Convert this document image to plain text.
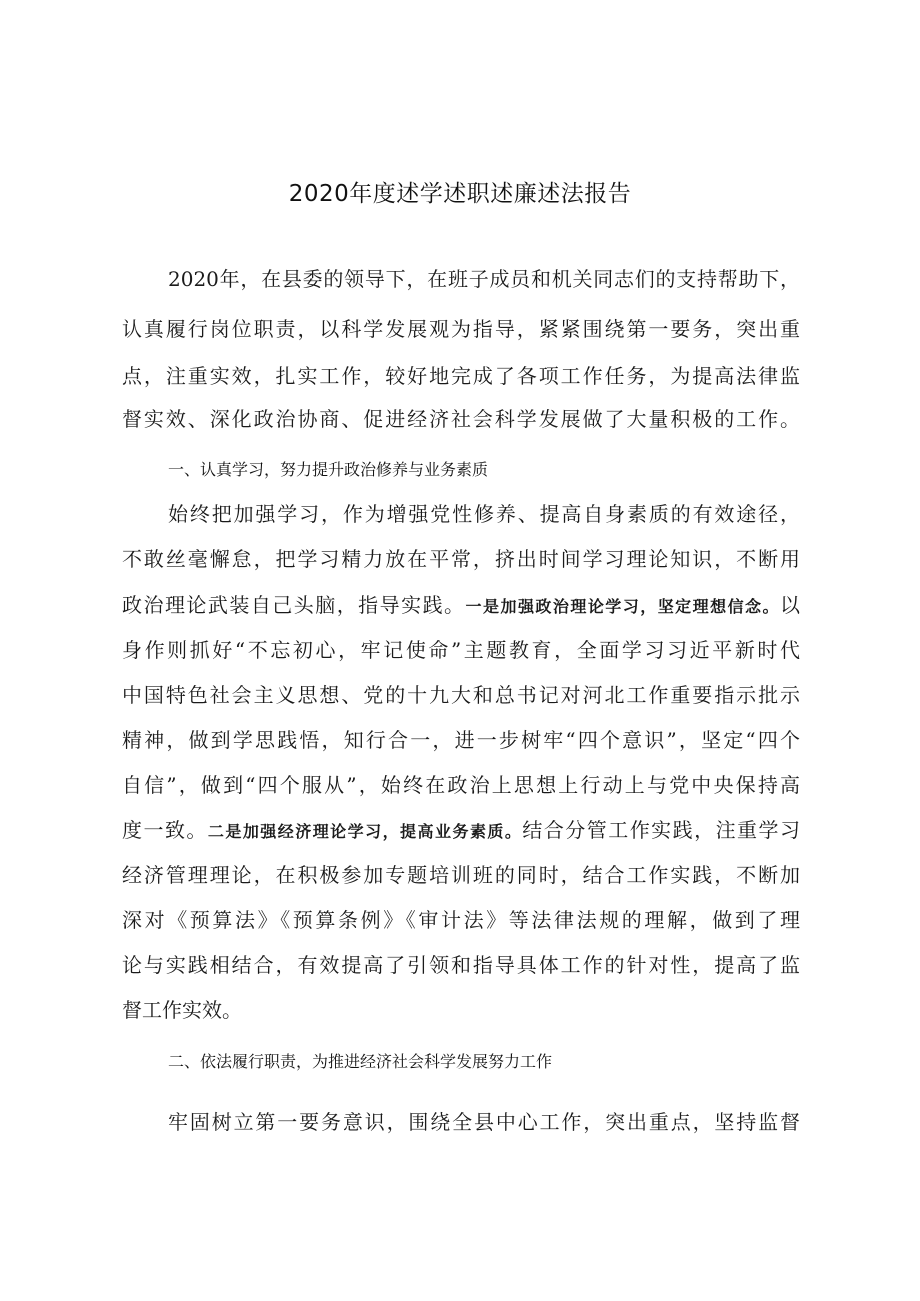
2020年度述学述职述廉述法报告
2020年，在县委的领导下，在班子成员和机关同志们的支持帮助下，
认真履行岗位职责，以科学发展观为指导，紧紧围绕第一要务，突出重
点，注重实效，扎实工作，较好地完成了各项工作任务，为提高法律监
督实效、深化政治协商、促进经济社会科学发展做了大量积极的工作。
一、认真学习，努力提升政治修养与业务素质
始终把加强学习，作为增强党性修养、提高自身素质的有效途径，
不敢丝毫懈怠，把学习精力放在平常，挤出时间学习理论知识，不断用
政治理论武装自己头脑，指导实践。一是加强政治理论学习，坚定理想信念。以
身作则抓好“不忘初心，牢记使命”主题教育，全面学习习近平新时代
中国特色社会主义思想、党的十九大和总书记对河北工作重要指示批示
精神，做到学思践悟，知行合一，进一步树牢“四个意识”，坚定“四个
自信”，做到“四个服从”，始终在政治上思想上行动上与党中央保持高
度一致。二是加强经济理论学习，提高业务素质。结合分管工作实践，注重学习
经济管理理论，在积极参加专题培训班的同时，结合工作实践，不断加
深对《预算法》《预算条例》《审计法》等法律法规的理解，做到了理
论与实践相结合，有效提高了引领和指导具体工作的针对性，提高了监
督工作实效。
二、依法履行职责，为推进经济社会科学发展努力工作
牢固树立第一要务意识，围绕全县中心工作，突出重点，坚持监督
